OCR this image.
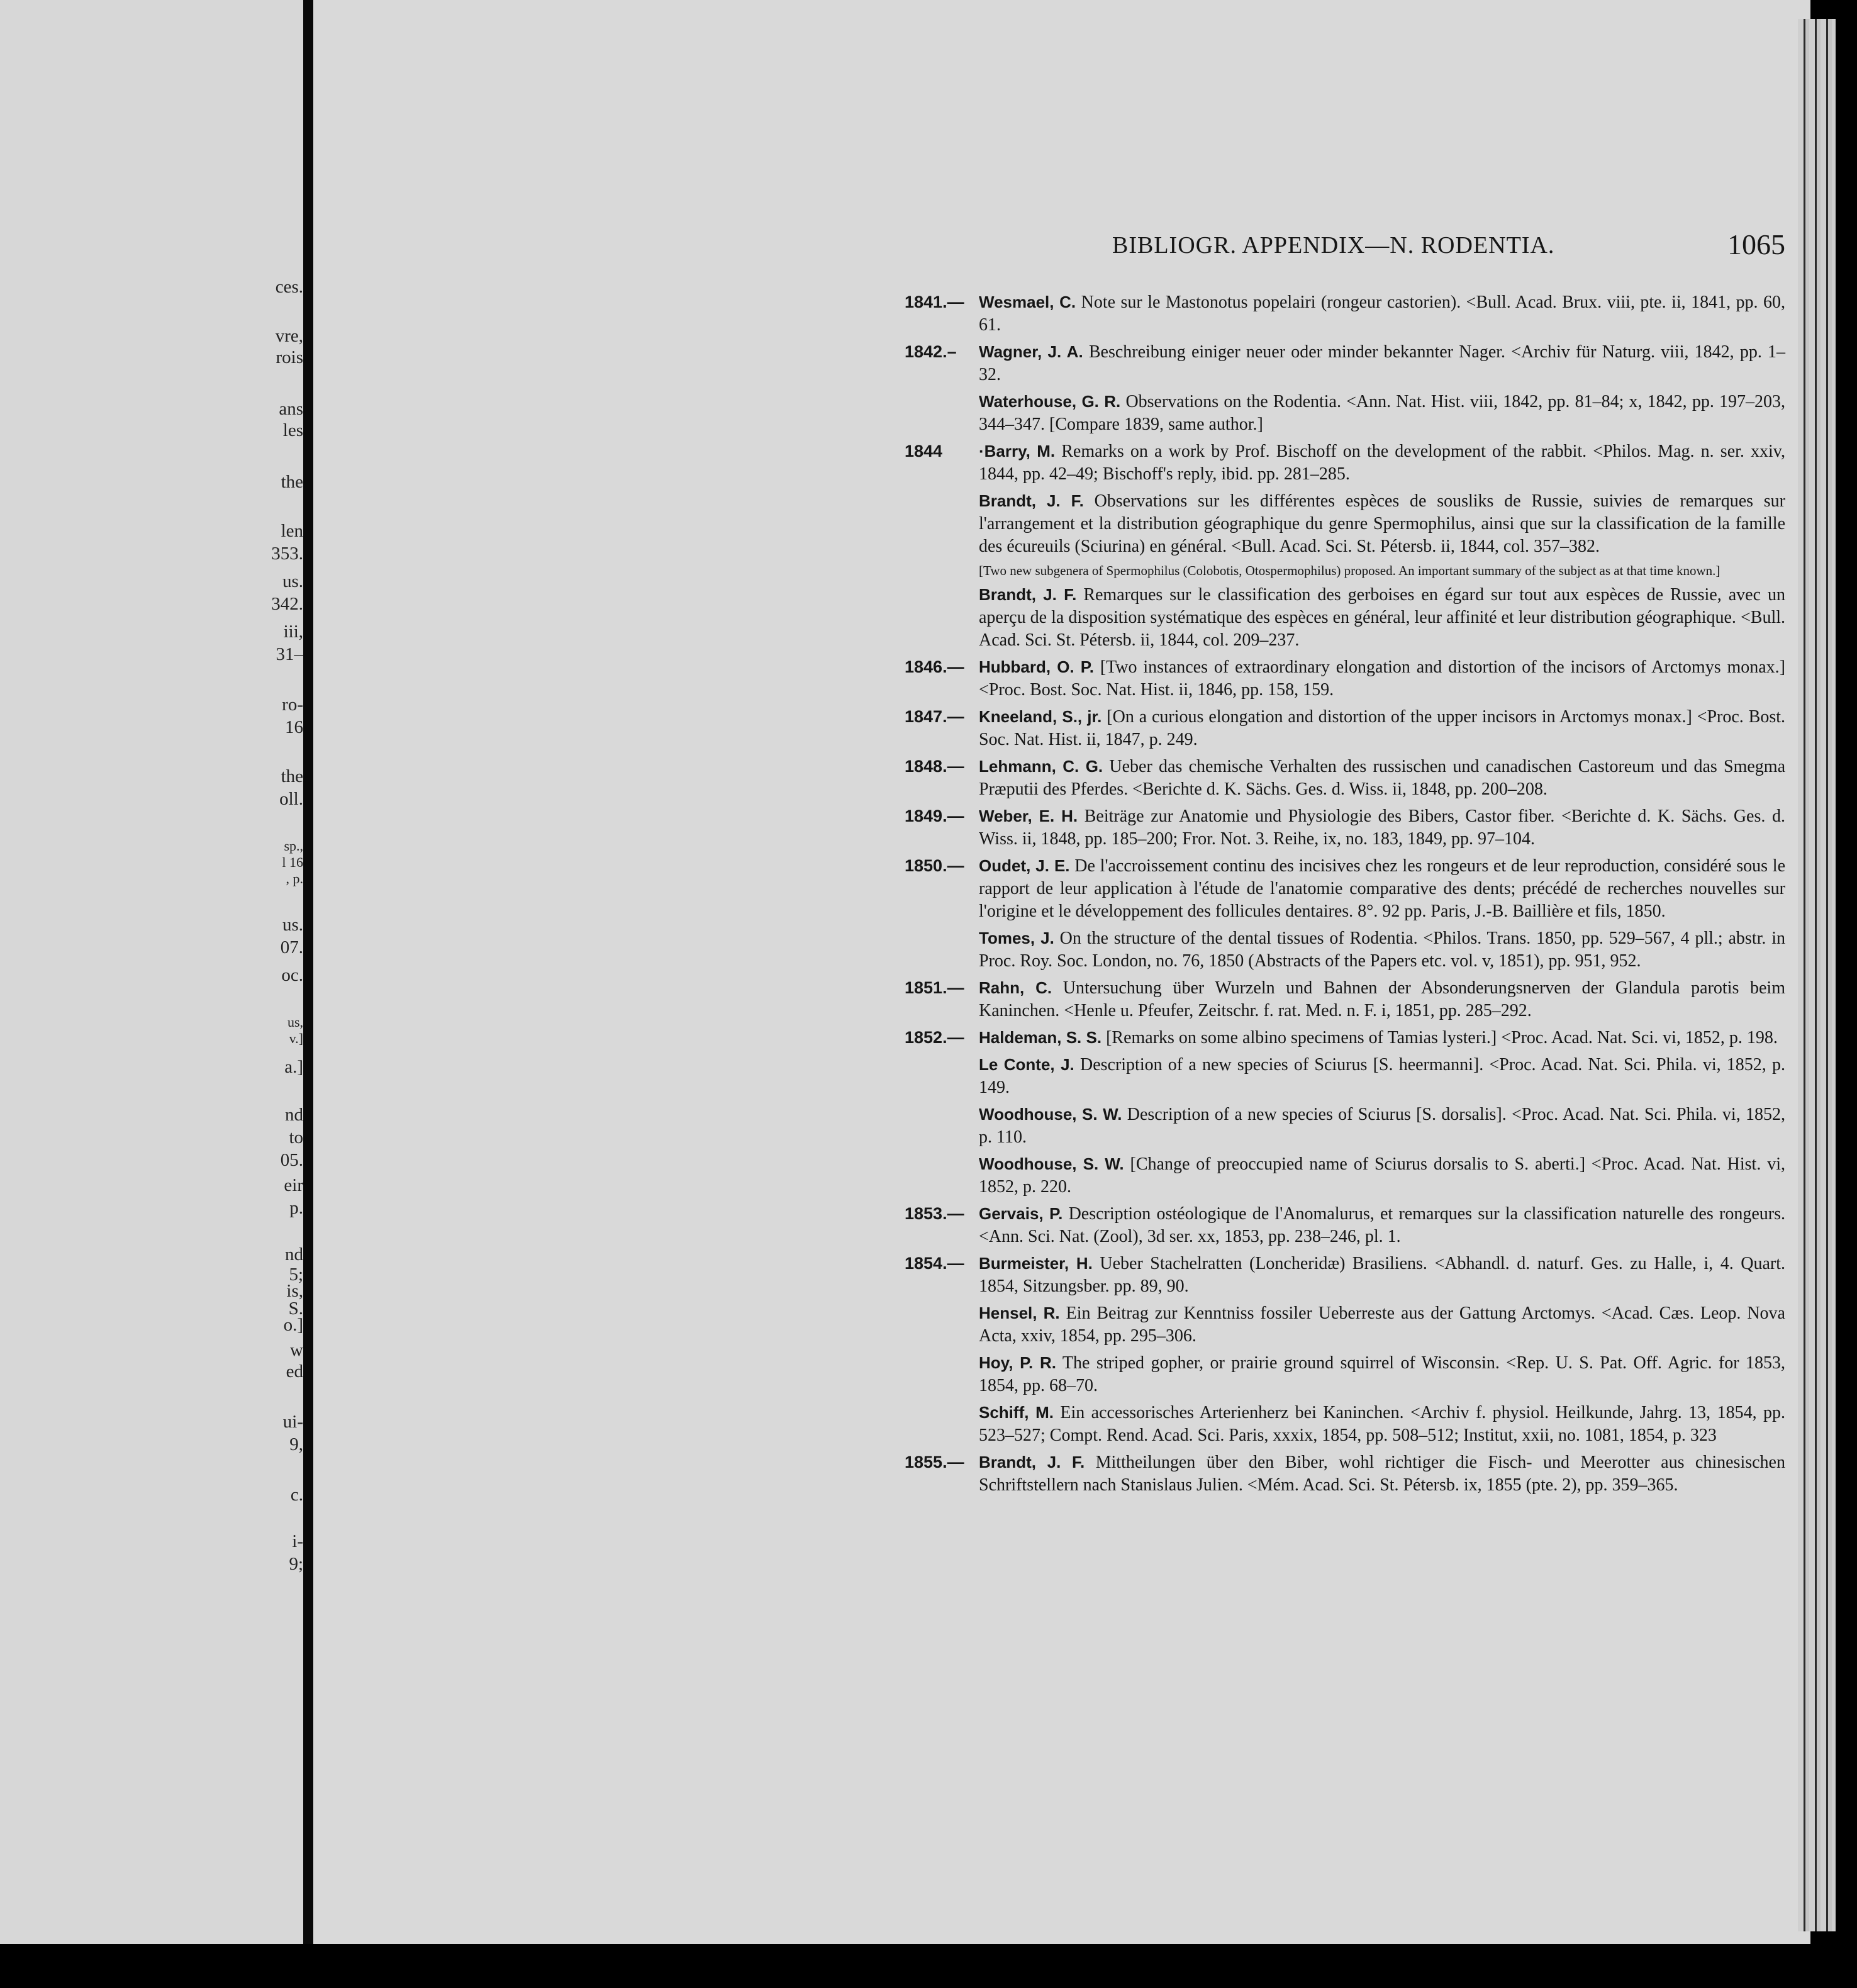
ces.
vre,
rois
ans
les
the
len
353.
us.
342.
iii,
31–
ro-
16
the
oll.
sp.,
l 16
, p.
us.
07.
oc.
us,
v.]
a.]
nd
to
05.
eir
p.
nd
5;
is,
S.
o.]
w
ed
ui-
9,
c.
i-
9;
BIBLIOGR. APPENDIX—N. RODENTIA.	1065
1841.— Wesmael, C. Note sur le Mastonotus popelairi (rongeur castorien). <Bull. Acad. Brux. viii, pte. ii, 1841, pp. 60, 61.
1842.– Wagner, J. A. Beschreibung einiger neuer oder minder bekannter Nager. <Archiv für Naturg. viii, 1842, pp. 1–32.
Waterhouse, G. R. Observations on the Rodentia. <Ann. Nat. Hist. viii, 1842, pp. 81–84; x, 1842, pp. 197–203, 344–347. [Compare 1839, same author.]
1844 ·Barry, M. Remarks on a work by Prof. Bischoff on the development of the rabbit. <Philos. Mag. n. ser. xxiv, 1844, pp. 42–49; Bischoff's reply, ibid. pp. 281–285.
Brandt, J. F. Observations sur les différentes espèces de sousliks de Russie, suivies de remarques sur l'arrangement et la distribution géographique du genre Spermophilus, ainsi que sur la classification de la famille des écureuils (Sciurina) en général. <Bull. Acad. Sci. St. Pétersb. ii, 1844, col. 357–382.
[Two new subgenera of Spermophilus (Colobotis, Otospermophilus) proposed. An important summary of the subject as at that time known.]
Brandt, J. F. Remarques sur le classification des gerboises en égard sur tout aux espèces de Russie, avec un aperçu de la disposition systématique des espèces en général, leur affinité et leur distribution géographique. <Bull. Acad. Sci. St. Pétersb. ii, 1844, col. 209–237.
1846.— Hubbard, O. P. [Two instances of extraordinary elongation and distortion of the incisors of Arctomys monax.] <Proc. Bost. Soc. Nat. Hist. ii, 1846, pp. 158, 159.
1847.— Kneeland, S., jr. [On a curious elongation and distortion of the upper incisors in Arctomys monax.] <Proc. Bost. Soc. Nat. Hist. ii, 1847, p. 249.
1848.— Lehmann, C. G. Ueber das chemische Verhalten des russischen und canadischen Castoreum und das Smegma Præputii des Pferdes. <Berichte d. K. Sächs. Ges. d. Wiss. ii, 1848, pp. 200–208.
1849.— Weber, E. H. Beiträge zur Anatomie und Physiologie des Bibers, Castor fiber. <Berichte d. K. Sächs. Ges. d. Wiss. ii, 1848, pp. 185–200; Fror. Not. 3. Reihe, ix, no. 183, 1849, pp. 97–104.
1850.— Oudet, J. E. De l'accroissement continu des incisives chez les rongeurs et de leur reproduction, considéré sous le rapport de leur application à l'étude de l'anatomie comparative des dents; précédé de recherches nouvelles sur l'origine et le développement des follicules dentaires. 8°. 92 pp. Paris, J.-B. Baillière et fils, 1850.
Tomes, J. On the structure of the dental tissues of Rodentia. <Philos. Trans. 1850, pp. 529–567, 4 pll.; abstr. in Proc. Roy. Soc. London, no. 76, 1850 (Abstracts of the Papers etc. vol. v, 1851), pp. 951, 952.
1851.— Rahn, C. Untersuchung über Wurzeln und Bahnen der Absonderungsnerven der Glandula parotis beim Kaninchen. <Henle u. Pfeufer, Zeitschr. f. rat. Med. n. F. i, 1851, pp. 285–292.
1852.— Haldeman, S. S. [Remarks on some albino specimens of Tamias lysteri.] <Proc. Acad. Nat. Sci. vi, 1852, p. 198.
Le Conte, J. Description of a new species of Sciurus [S. heermanni]. <Proc. Acad. Nat. Sci. Phila. vi, 1852, p. 149.
Woodhouse, S. W. Description of a new species of Sciurus [S. dorsalis]. <Proc. Acad. Nat. Sci. Phila. vi, 1852, p. 110.
Woodhouse, S. W. [Change of preoccupied name of Sciurus dorsalis to S. aberti.] <Proc. Acad. Nat. Hist. vi, 1852, p. 220.
1853.— Gervais, P. Description ostéologique de l'Anomalurus, et remarques sur la classification naturelle des rongeurs. <Ann. Sci. Nat. (Zool), 3d ser. xx, 1853, pp. 238–246, pl. 1.
1854.— Burmeister, H. Ueber Stachelratten (Loncheridæ) Brasiliens. <Abhandl. d. naturf. Ges. zu Halle, i, 4. Quart. 1854, Sitzungsber. pp. 89, 90.
Hensel, R. Ein Beitrag zur Kenntniss fossiler Ueberreste aus der Gattung Arctomys. <Acad. Cæs. Leop. Nova Acta, xxiv, 1854, pp. 295–306.
Hoy, P. R. The striped gopher, or prairie ground squirrel of Wisconsin. <Rep. U. S. Pat. Off. Agric. for 1853, 1854, pp. 68–70.
Schiff, M. Ein accessorisches Arterienherz bei Kaninchen. <Archiv f. physiol. Heilkunde, Jahrg. 13, 1854, pp. 523–527; Compt. Rend. Acad. Sci. Paris, xxxix, 1854, pp. 508–512; Institut, xxii, no. 1081, 1854, p. 323
1855.— Brandt, J. F. Mittheilungen über den Biber, wohl richtiger die Fisch- und Meerotter aus chinesischen Schriftstellern nach Stanislaus Julien. <Mém. Acad. Sci. St. Pétersb. ix, 1855 (pte. 2), pp. 359–365.
